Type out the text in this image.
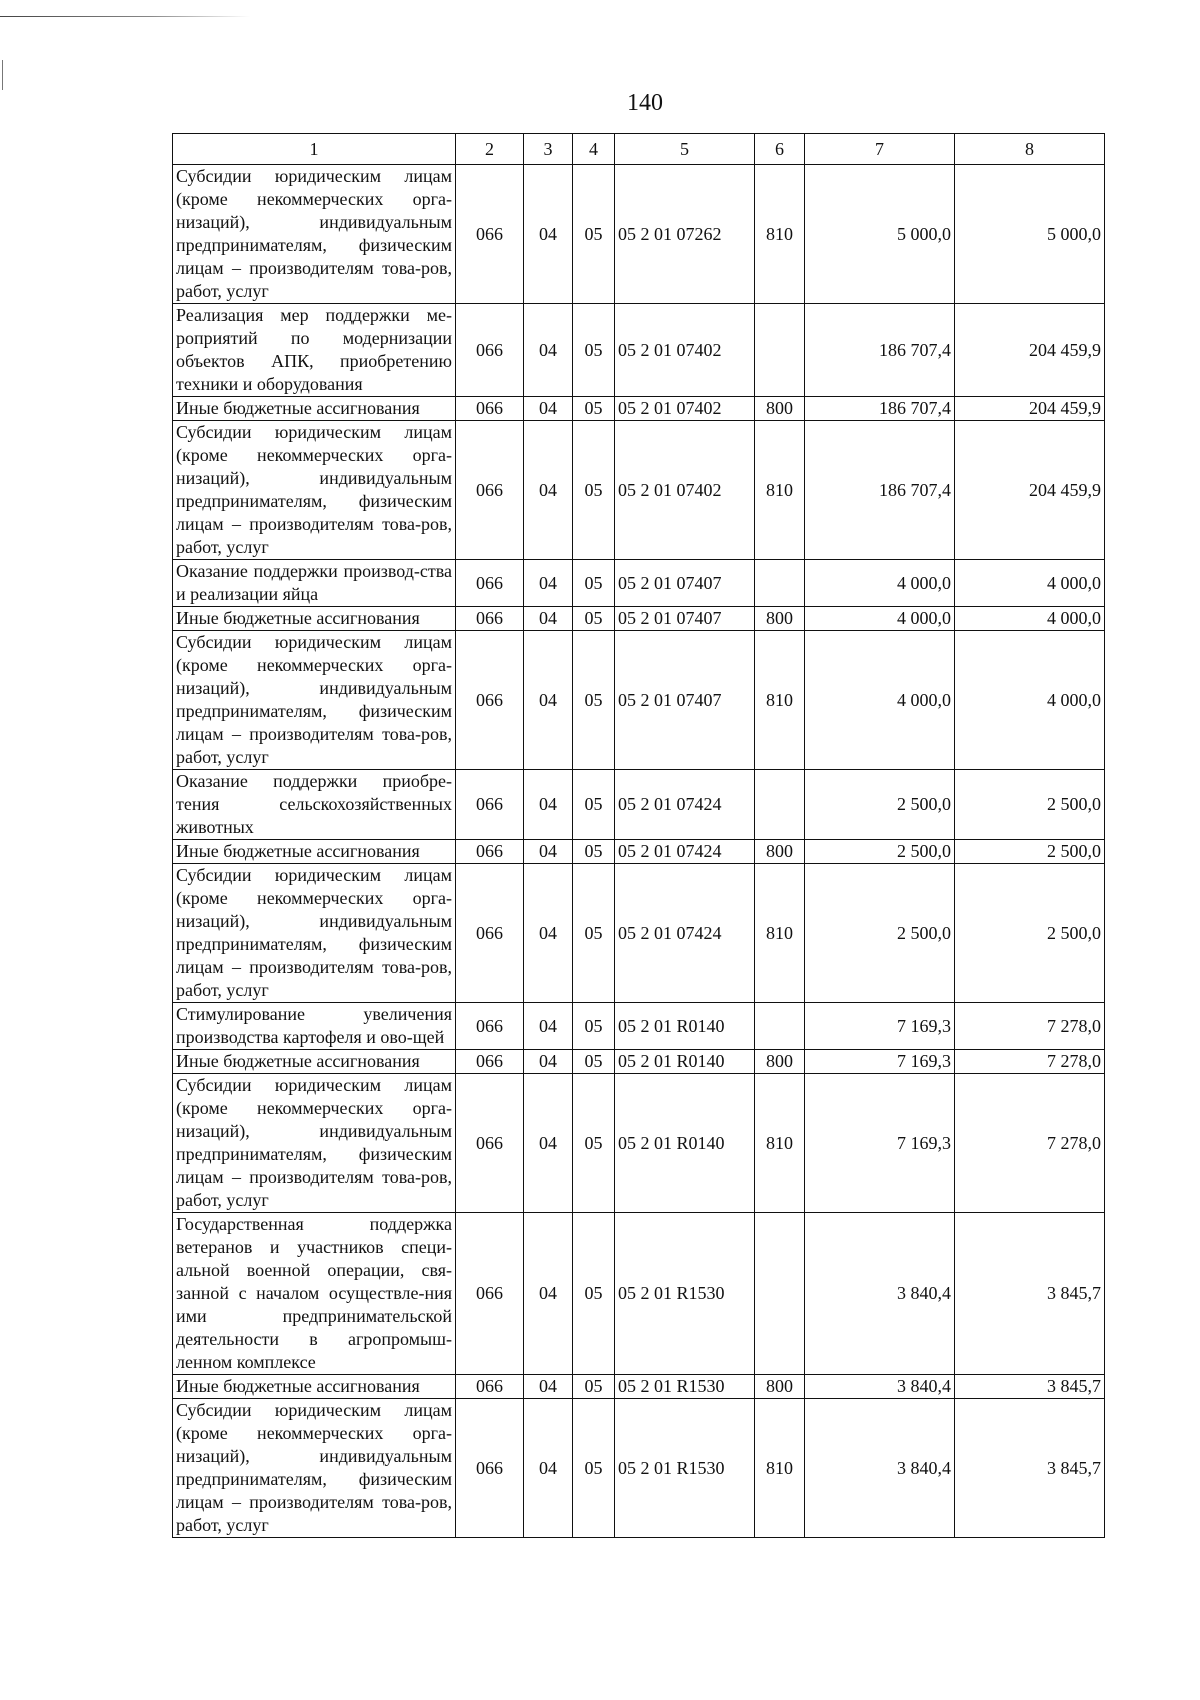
140
1	2	3	4	5	6	7	8
Субсидии юридическим лицам (кроме некоммерческих орга-низаций), индивидуальным предпринимателям, физическим лицам – производителям това-ров, работ, услуг	066	04	05	05 2 01 07262	810	5 000,0	5 000,0
Реализация мер поддержки ме-роприятий по модернизации объектов АПК, приобретению техники и оборудования	066	04	05	05 2 01 07402		186 707,4	204 459,9
Иные бюджетные ассигнования	066	04	05	05 2 01 07402	800	186 707,4	204 459,9
Субсидии юридическим лицам (кроме некоммерческих орга-низаций), индивидуальным предпринимателям, физическим лицам – производителям това-ров, работ, услуг	066	04	05	05 2 01 07402	810	186 707,4	204 459,9
Оказание поддержки производ-ства и реализации яйца	066	04	05	05 2 01 07407		4 000,0	4 000,0
Иные бюджетные ассигнования	066	04	05	05 2 01 07407	800	4 000,0	4 000,0
Субсидии юридическим лицам (кроме некоммерческих орга-низаций), индивидуальным предпринимателям, физическим лицам – производителям това-ров, работ, услуг	066	04	05	05 2 01 07407	810	4 000,0	4 000,0
Оказание поддержки приобре-тения сельскохозяйственных животных	066	04	05	05 2 01 07424		2 500,0	2 500,0
Иные бюджетные ассигнования	066	04	05	05 2 01 07424	800	2 500,0	2 500,0
Субсидии юридическим лицам (кроме некоммерческих орга-низаций), индивидуальным предпринимателям, физическим лицам – производителям това-ров, работ, услуг	066	04	05	05 2 01 07424	810	2 500,0	2 500,0
Стимулирование увеличения производства картофеля и ово-щей	066	04	05	05 2 01 R0140		7 169,3	7 278,0
Иные бюджетные ассигнования	066	04	05	05 2 01 R0140	800	7 169,3	7 278,0
Субсидии юридическим лицам (кроме некоммерческих орга-низаций), индивидуальным предпринимателям, физическим лицам – производителям това-ров, работ, услуг	066	04	05	05 2 01 R0140	810	7 169,3	7 278,0
Государственная поддержка ветеранов и участников специ-альной военной операции, свя-занной с началом осуществле-ния ими предпринимательской деятельности в агропромыш-ленном комплексе	066	04	05	05 2 01 R1530		3 840,4	3 845,7
Иные бюджетные ассигнования	066	04	05	05 2 01 R1530	800	3 840,4	3 845,7
Субсидии юридическим лицам (кроме некоммерческих орга-низаций), индивидуальным предпринимателям, физическим лицам – производителям това-ров, работ, услуг	066	04	05	05 2 01 R1530	810	3 840,4	3 845,7
